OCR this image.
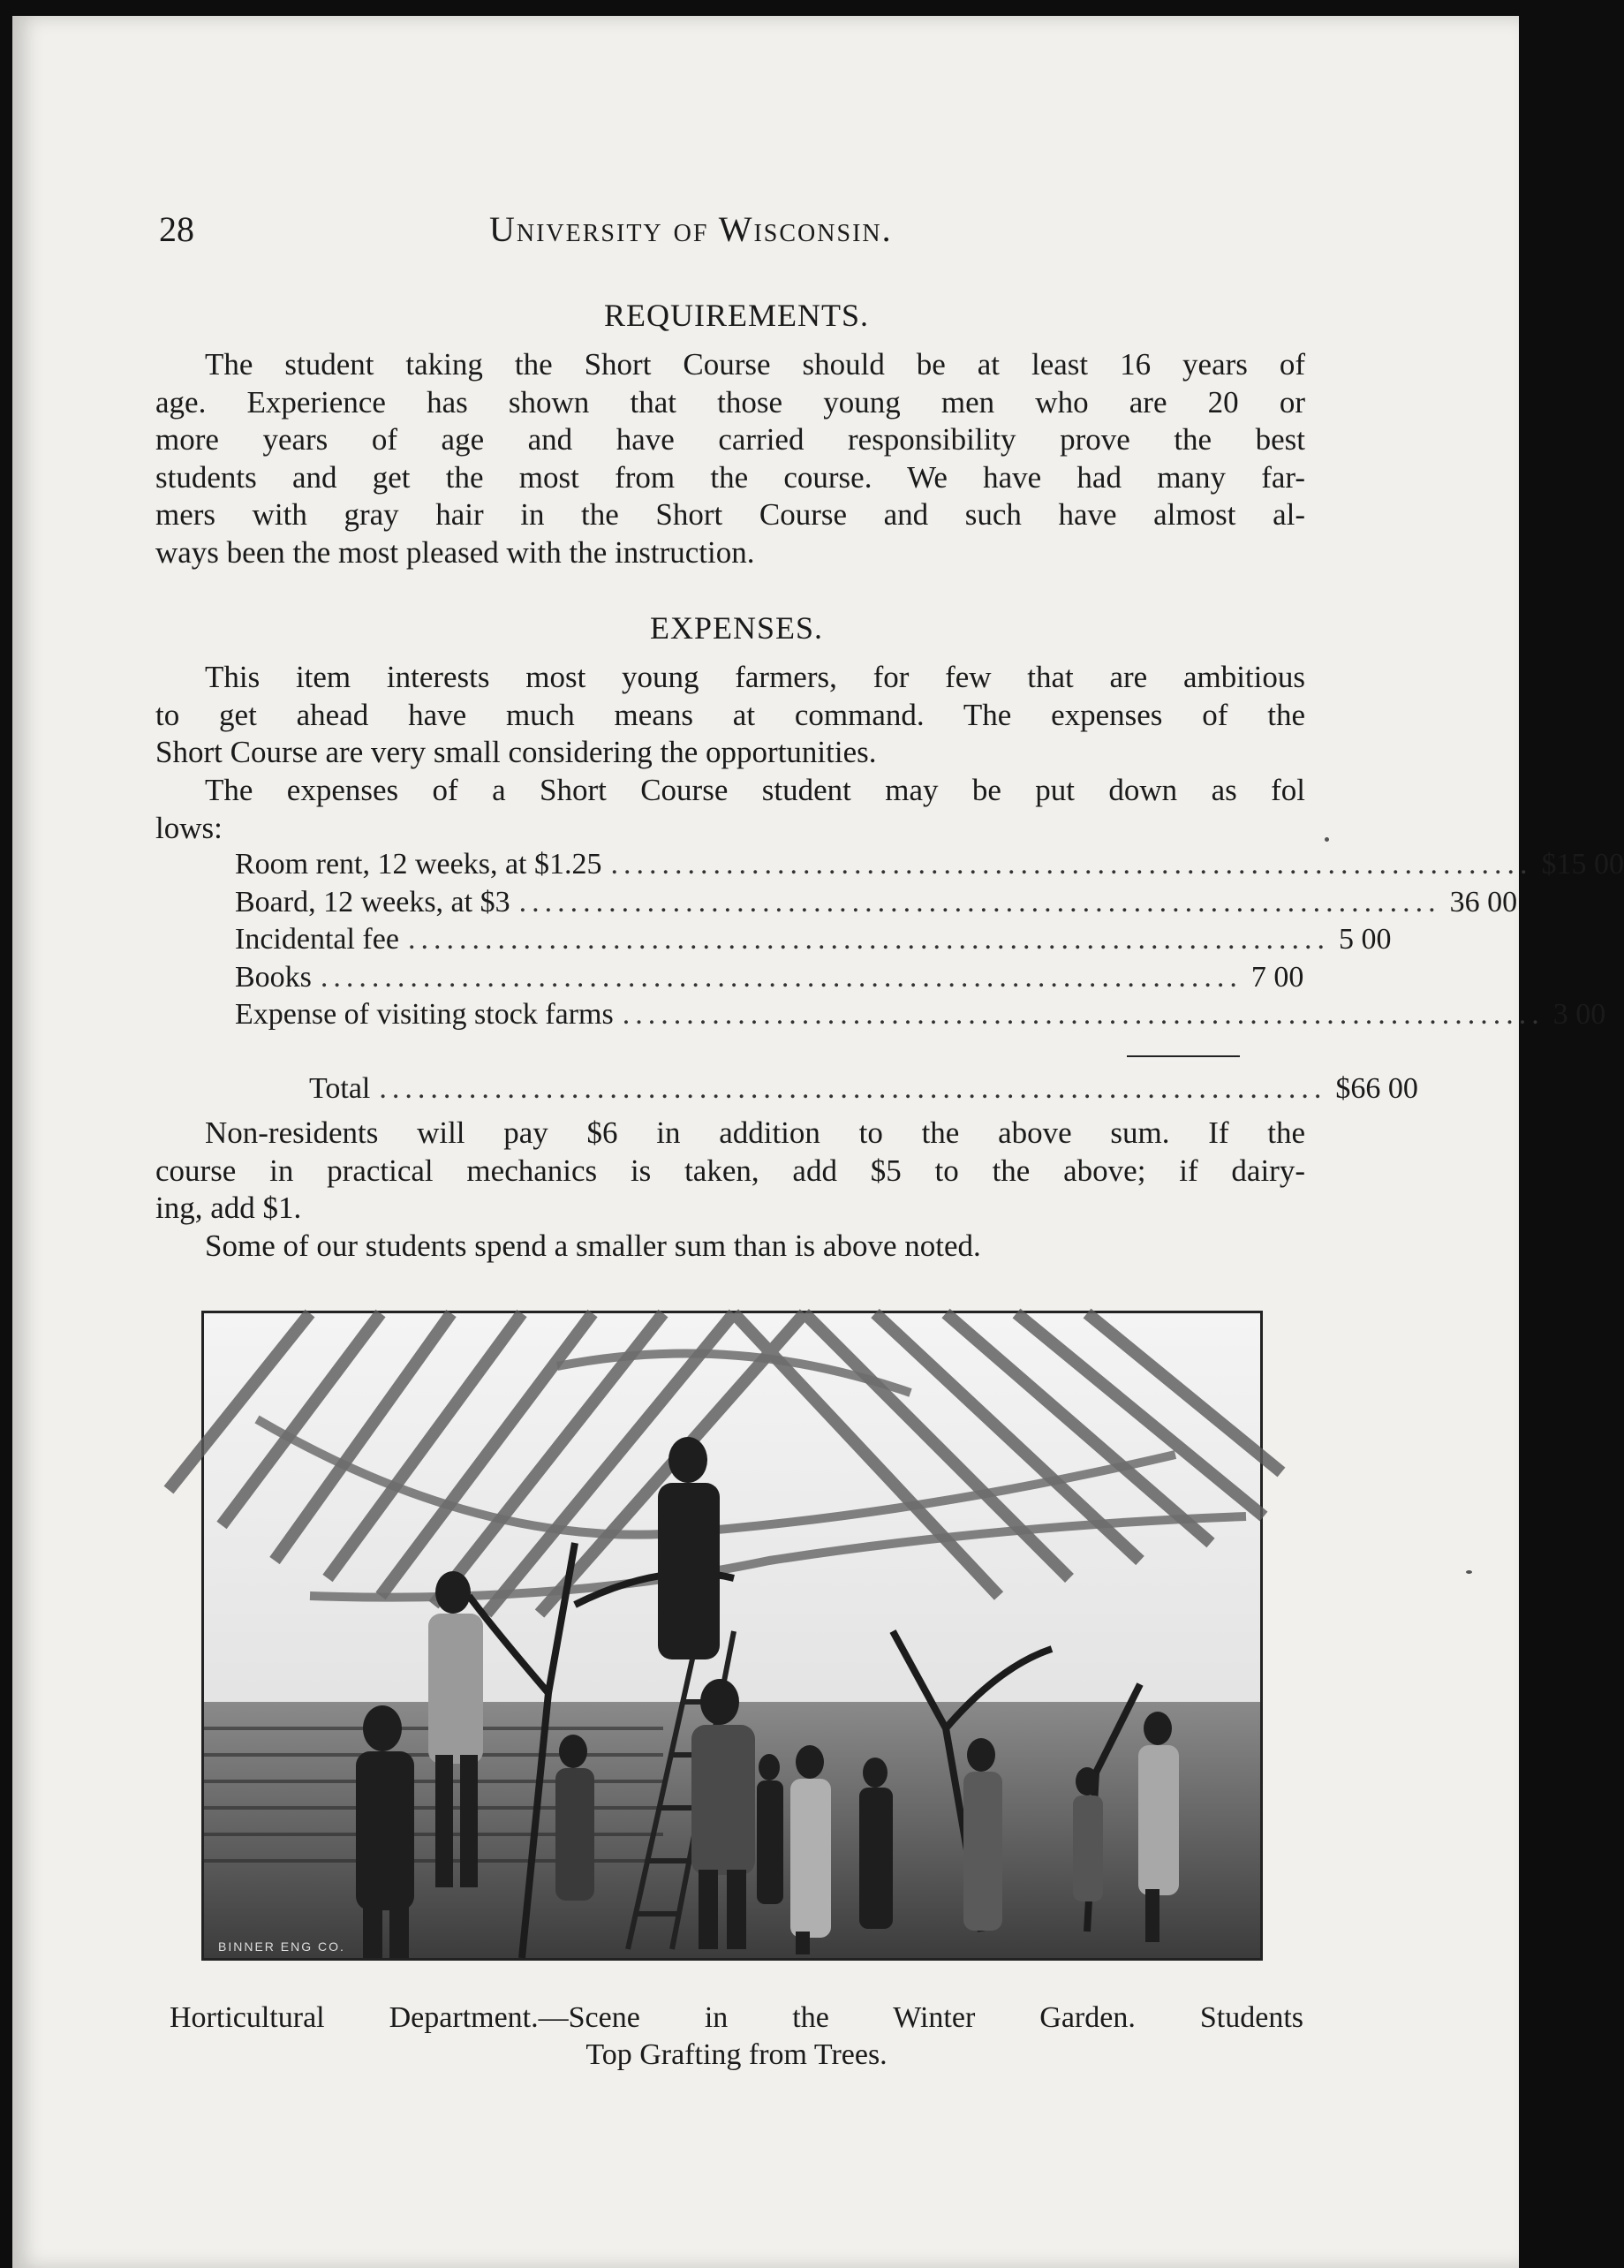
28	University of Wisconsin.
REQUIREMENTS.
The student taking the Short Course should be at least 16 years of
age. Experience has shown that those young men who are 20 or
more years of age and have carried responsibility prove the best
students and get the most from the course. We have had many far-
mers with gray hair in the Short Course and such have almost al-
ways been the most pleased with the instruction.
EXPENSES.
This item interests most young farmers, for few that are ambitious
to get ahead have much means at command. The expenses of the
Short Course are very small considering the opportunities.
The expenses of a Short Course student may be put down as fol
lows:
Room rent, 12 weeks, at $1.25 ........................................................................ $15 00
Board, 12 weeks, at $3 ........................................................................ 36 00
Incidental fee ........................................................................ 5 00
Books ........................................................................ 7 00
Expense of visiting stock farms ........................................................................ 3 00
Total .......................................................................... $66 00
Non-residents will pay $6 in addition to the above sum. If the
course in practical mechanics is taken, add $5 to the above; if dairy-
ing, add $1.
Some of our students spend a smaller sum than is above noted.
BINNER ENG CO.
Horticultural Department.—Scene in the Winter Garden. Students
Top Grafting from Trees.
